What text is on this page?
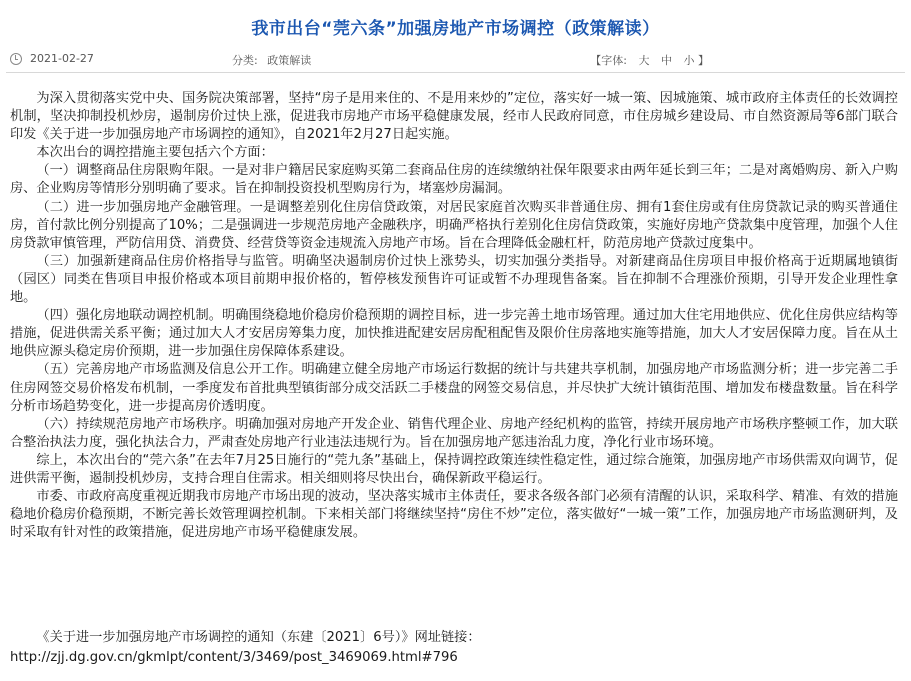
我市出台“莞六条”加强房地产市场调控（政策解读）
2021-02-27	分类: 政策解读	【字体: 大 中 小 】

为深入贯彻落实党中央、国务院决策部署，坚持“房子是用来住的、不是用来炒的”定位，落实好一城一策、因城施策、城市政府主体责任的长效调控机制，坚决抑制投机炒房，遏制房价过快上涨，促进我市房地产市场平稳健康发展，经市人民政府同意，市住房城乡建设局、市自然资源局等6部门联合印发《关于进一步加强房地产市场调控的通知》，自2021年2月27日起实施。

本次出台的调控措施主要包括六个方面：

（一）调整商品住房限购年限。一是对非户籍居民家庭购买第二套商品住房的连续缴纳社保年限要求由两年延长到三年；二是对离婚购房、新入户购房、企业购房等情形分别明确了要求。旨在抑制投资投机型购房行为，堵塞炒房漏洞。

（二）进一步加强房地产金融管理。一是调整差别化住房信贷政策，对居民家庭首次购买非普通住房、拥有1套住房或有住房贷款记录的购买普通住房，首付款比例分别提高了10%；二是强调进一步规范房地产金融秩序，明确严格执行差别化住房信贷政策，实施好房地产贷款集中度管理，加强个人住房贷款审慎管理，严防信用贷、消费贷、经营贷等资金违规流入房地产市场。旨在合理降低金融杠杆，防范房地产贷款过度集中。

（三）加强新建商品住房价格指导与监管。明确坚决遏制房价过快上涨势头，切实加强分类指导。对新建商品住房项目申报价格高于近期属地镇街（园区）同类在售项目申报价格或本项目前期申报价格的，暂停核发预售许可证或暂不办理现售备案。旨在抑制不合理涨价预期，引导开发企业理性拿地。

（四）强化房地联动调控机制。明确围绕稳地价稳房价稳预期的调控目标，进一步完善土地市场管理。通过加大住宅用地供应、优化住房供应结构等措施，促进供需关系平衡；通过加大人才安居房筹集力度，加快推进配建安居房配租配售及限价住房落地实施等措施，加大人才安居保障力度。旨在从土地供应源头稳定房价预期，进一步加强住房保障体系建设。

（五）完善房地产市场监测及信息公开工作。明确建立健全房地产市场运行数据的统计与共建共享机制，加强房地产市场监测分析；进一步完善二手住房网签交易价格发布机制，一季度发布首批典型镇街部分成交活跃二手楼盘的网签交易信息，并尽快扩大统计镇街范围、增加发布楼盘数量。旨在科学分析市场趋势变化，进一步提高房价透明度。

（六）持续规范房地产市场秩序。明确加强对房地产开发企业、销售代理企业、房地产经纪机构的监管，持续开展房地产市场秩序整顿工作，加大联合整治执法力度，强化执法合力，严肃查处房地产行业违法违规行为。旨在加强房地产惩违治乱力度，净化行业市场环境。

综上，本次出台的“莞六条”在去年7月25日施行的“莞九条”基础上，保持调控政策连续性稳定性，通过综合施策，加强房地产市场供需双向调节，促进供需平衡，遏制投机炒房，支持合理自住需求。相关细则将尽快出台，确保新政平稳运行。

市委、市政府高度重视近期我市房地产市场出现的波动，坚决落实城市主体责任，要求各级各部门必须有清醒的认识，采取科学、精准、有效的措施稳地价稳房价稳预期，不断完善长效管理调控机制。下来相关部门将继续坚持“房住不炒”定位，落实做好“一城一策”工作，加强房地产市场监测研判，及时采取有针对性的政策措施，促进房地产市场平稳健康发展。

《关于进一步加强房地产市场调控的通知（东建〔2021〕6号）》网址链接：
http://zjj.dg.gov.cn/gkmlpt/content/3/3469/post_3469069.html#796
